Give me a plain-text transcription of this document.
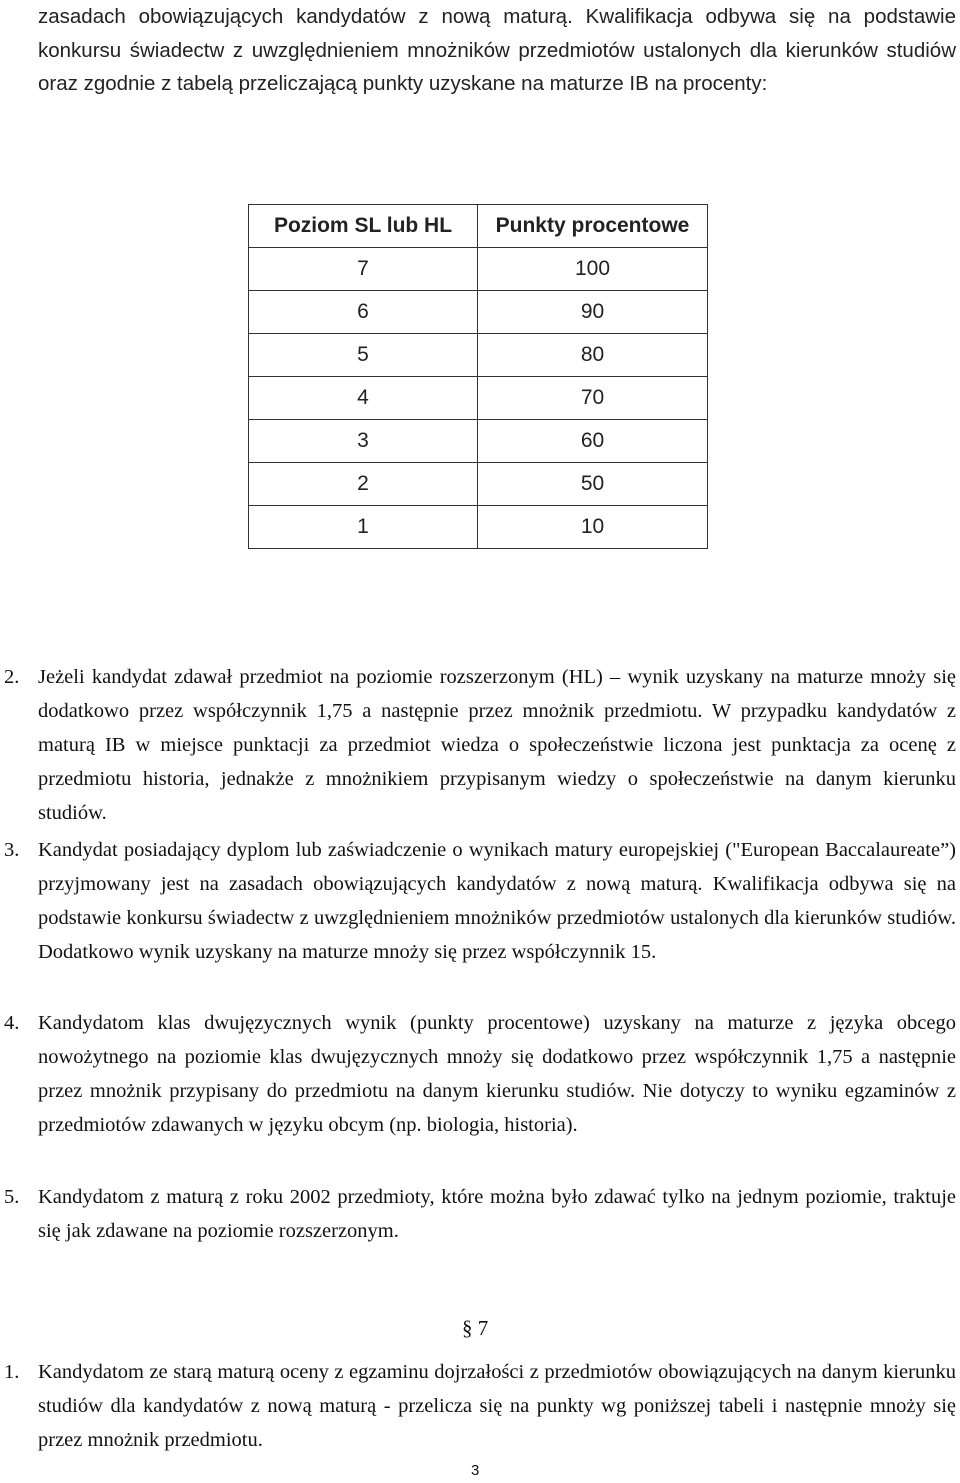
zasadach obowiązujących kandydatów z nową maturą. Kwalifikacja odbywa się na podstawie konkursu świadectw z uwzględnieniem mnożników przedmiotów ustalonych dla kierunków studiów oraz zgodnie z tabelą przeliczającą punkty uzyskane na maturze IB na procenty:
Poziom SL lub HL	Punkty procentowe
7	100
6	90
5	80
4	70
3	60
2	50
1	10
2. Jeżeli kandydat zdawał przedmiot na poziomie rozszerzonym (HL) – wynik uzyskany na maturze mnoży się dodatkowo przez współczynnik 1,75 a następnie przez mnożnik przedmiotu. W przypadku kandydatów z maturą IB w miejsce punktacji za przedmiot wiedza o społeczeństwie liczona jest punktacja za ocenę z przedmiotu historia, jednakże z mnożnikiem przypisanym wiedzy o społeczeństwie na danym kierunku studiów.
3. Kandydat posiadający dyplom lub zaświadczenie o wynikach matury europejskiej ("European Baccalaureate”) przyjmowany jest na zasadach obowiązujących kandydatów z nową maturą. Kwalifikacja odbywa się na podstawie konkursu świadectw z uwzględnieniem mnożników przedmiotów ustalonych dla kierunków studiów. Dodatkowo wynik uzyskany na maturze mnoży się przez współczynnik 15.
4. Kandydatom klas dwujęzycznych wynik (punkty procentowe) uzyskany na maturze z języka obcego nowożytnego na poziomie klas dwujęzycznych mnoży się dodatkowo przez współczynnik 1,75 a następnie przez mnożnik przypisany do przedmiotu na danym kierunku studiów. Nie dotyczy to wyniku egzaminów z przedmiotów zdawanych w języku obcym (np. biologia, historia).
5. Kandydatom z maturą z roku 2002 przedmioty, które można było zdawać tylko na jednym poziomie, traktuje się jak zdawane na poziomie rozszerzonym.
§ 7
1. Kandydatom ze starą maturą oceny z egzaminu dojrzałości z przedmiotów obowiązujących na danym kierunku studiów dla kandydatów z nową maturą - przelicza się na punkty wg poniższej tabeli i następnie mnoży się przez mnożnik przedmiotu.
3
